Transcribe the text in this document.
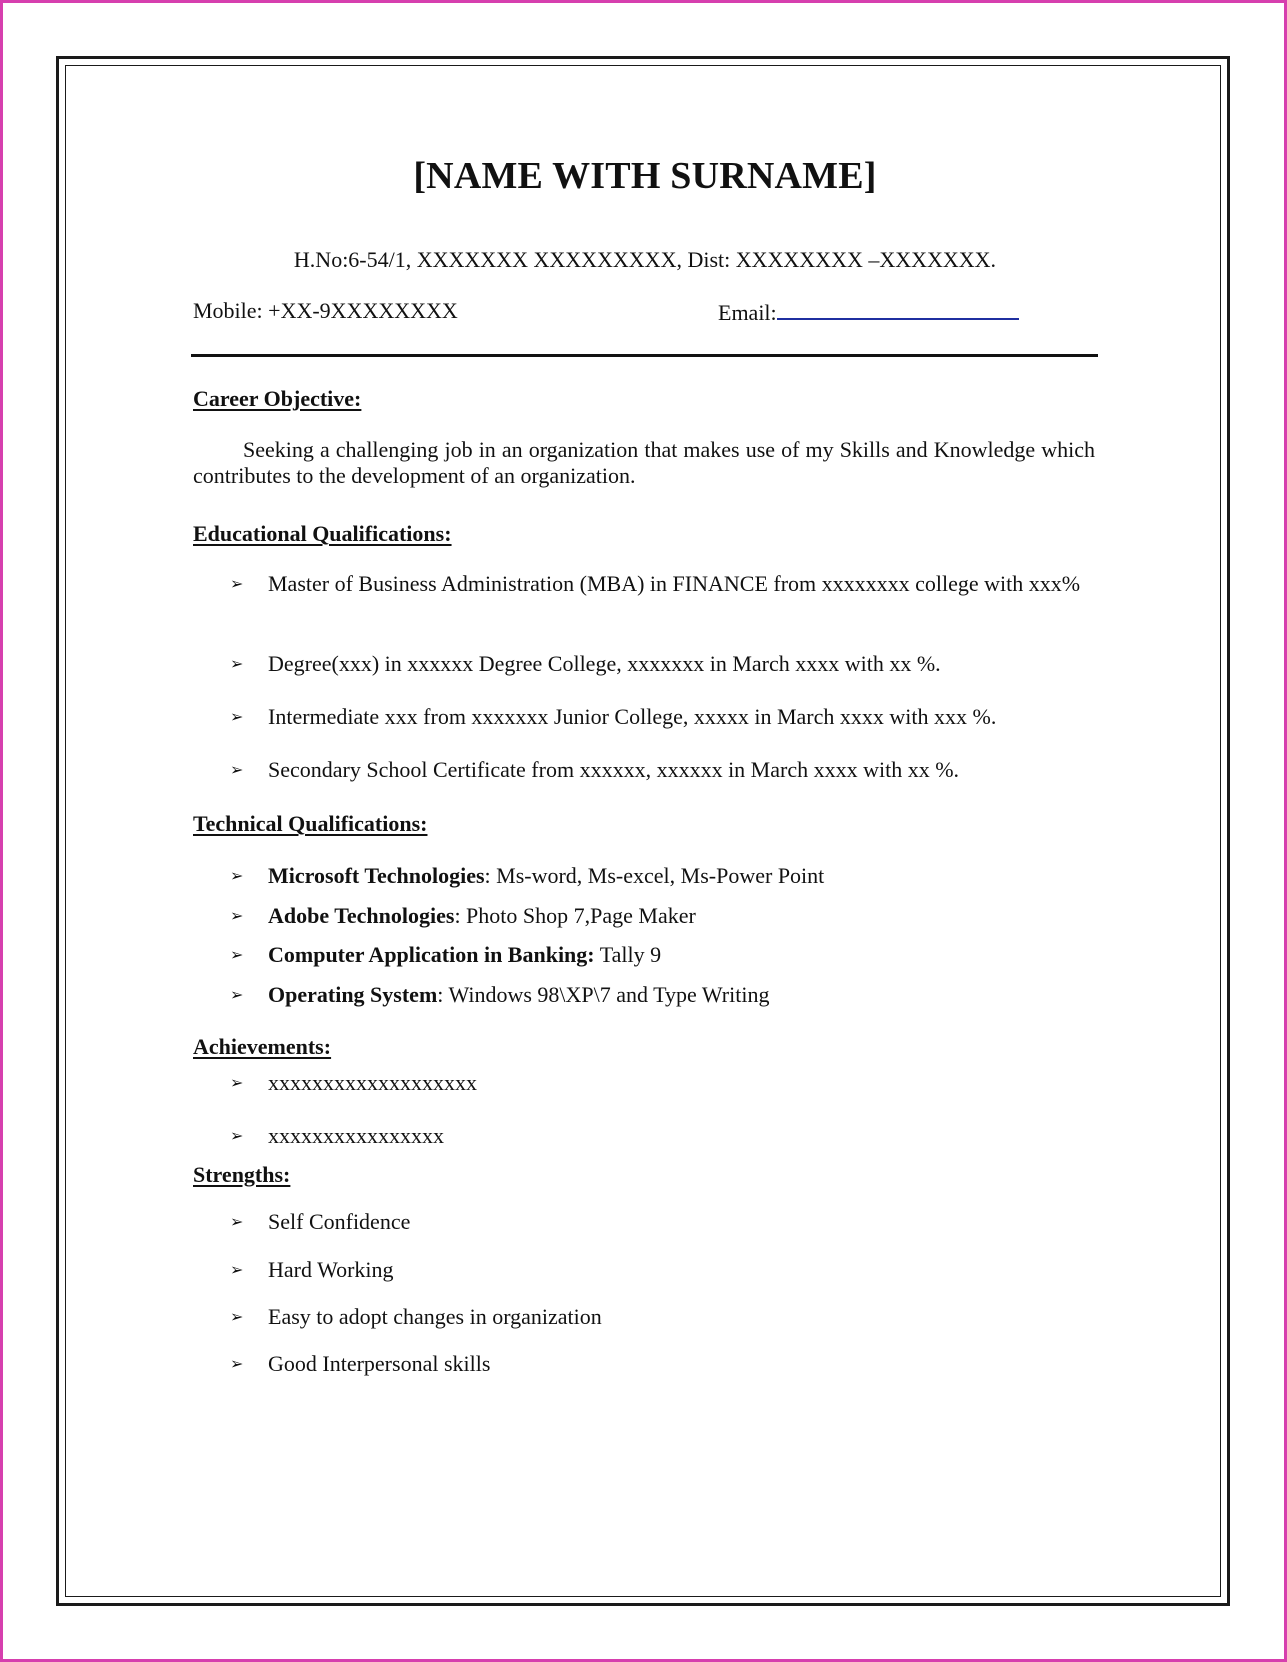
[NAME WITH SURNAME]
H.No:6-54/1, XXXXXXX XXXXXXXXX, Dist: XXXXXXXX –XXXXXXX.
Mobile: +XX-9XXXXXXXX	Email:
Career Objective:
Seeking a challenging job in an organization that makes use of my Skills and Knowledge which contributes to the development of an organization.
Educational Qualifications:
➢ Master of Business Administration (MBA) in FINANCE from xxxxxxxx college with xxx%
➢ Degree(xxx) in xxxxxx Degree College, xxxxxxx in March xxxx with xx %.
➢ Intermediate xxx from xxxxxxx Junior College, xxxxx in March xxxx with xxx %.
➢ Secondary School Certificate from xxxxxx, xxxxxx in March xxxx with xx %.
Technical Qualifications:
➢ Microsoft Technologies: Ms-word, Ms-excel, Ms-Power Point
➢ Adobe Technologies: Photo Shop 7,Page Maker
➢ Computer Application in Banking: Tally 9
➢ Operating System: Windows 98\XP\7 and Type Writing
Achievements:
➢ xxxxxxxxxxxxxxxxxxx
➢ xxxxxxxxxxxxxxxx
Strengths:
➢ Self Confidence
➢ Hard Working
➢ Easy to adopt changes in organization
➢ Good Interpersonal skills
